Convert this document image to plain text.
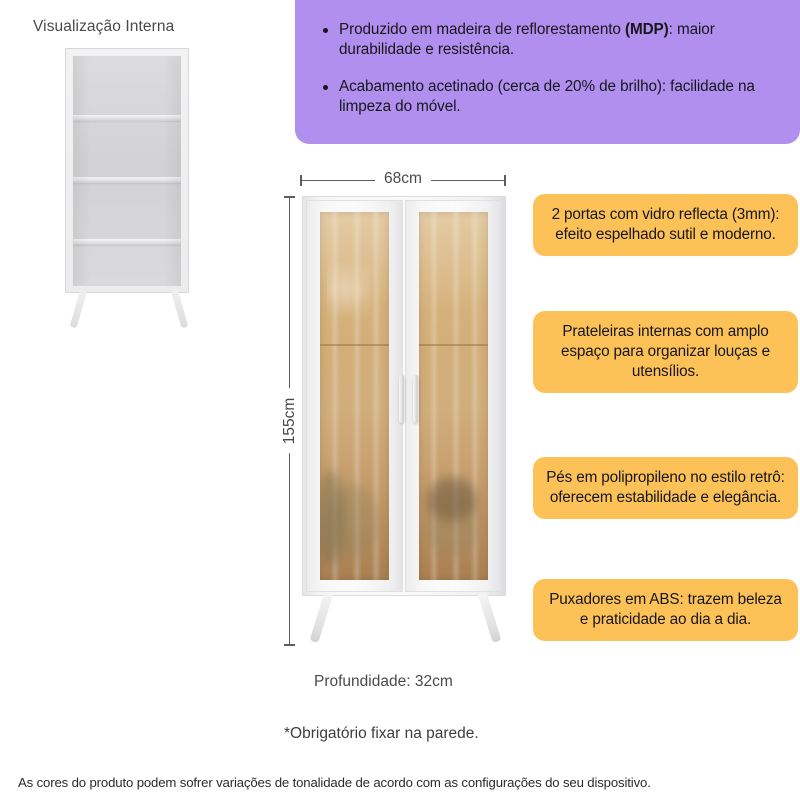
Visualização Interna	Produzido em madeira de reflorestamento (MDP): maior durabilidade e resistência.
Acabamento acetinado (cerca de 20% de brilho): facilidade na limpeza do móvel.
68cm
155cm
2 portas com vidro reflecta (3mm): efeito espelhado sutil e moderno.
Prateleiras internas com amplo espaço para organizar louças e utensílios.
Pés em polipropileno no estilo retrô: oferecem estabilidade e elegância.
Puxadores em ABS: trazem beleza e praticidade ao dia a dia.
Profundidade: 32cm
*Obrigatório fixar na parede.
As cores do produto podem sofrer variações de tonalidade de acordo com as configurações do seu dispositivo.
